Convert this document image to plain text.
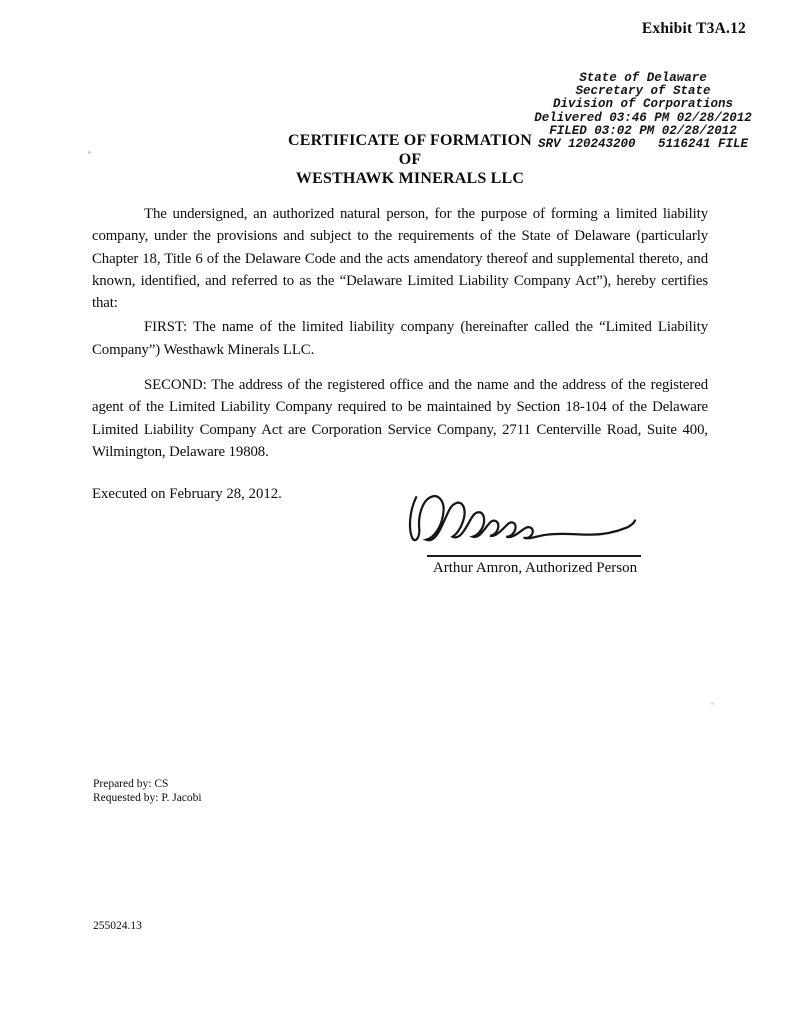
Exhibit T3A.12
State of Delaware
Secretary of State
Division of Corporations
Delivered 03:46 PM 02/28/2012
FILED 03:02 PM 02/28/2012
SRV 120243200   5116241 FILE
CERTIFICATE OF FORMATION
OF
WESTHAWK MINERALS LLC

The undersigned, an authorized natural person, for the purpose of forming a limited liability company, under the provisions and subject to the requirements of the State of Delaware (particularly Chapter 18, Title 6 of the Delaware Code and the acts amendatory thereof and supplemental thereto, and known, identified, and referred to as the “Delaware Limited Liability Company Act”), hereby certifies that:

FIRST: The name of the limited liability company (hereinafter called the “Limited Liability Company”) Westhawk Minerals LLC.

SECOND: The address of the registered office and the name and the address of the registered agent of the Limited Liability Company required to be maintained by Section 18-104 of the Delaware Limited Liability Company Act are Corporation Service Company, 2711 Centerville Road, Suite 400, Wilmington, Delaware 19808.

Executed on February 28, 2012.
Arthur Amron, Authorized Person
Prepared by: CS
Requested by: P. Jacobi
255024.13
